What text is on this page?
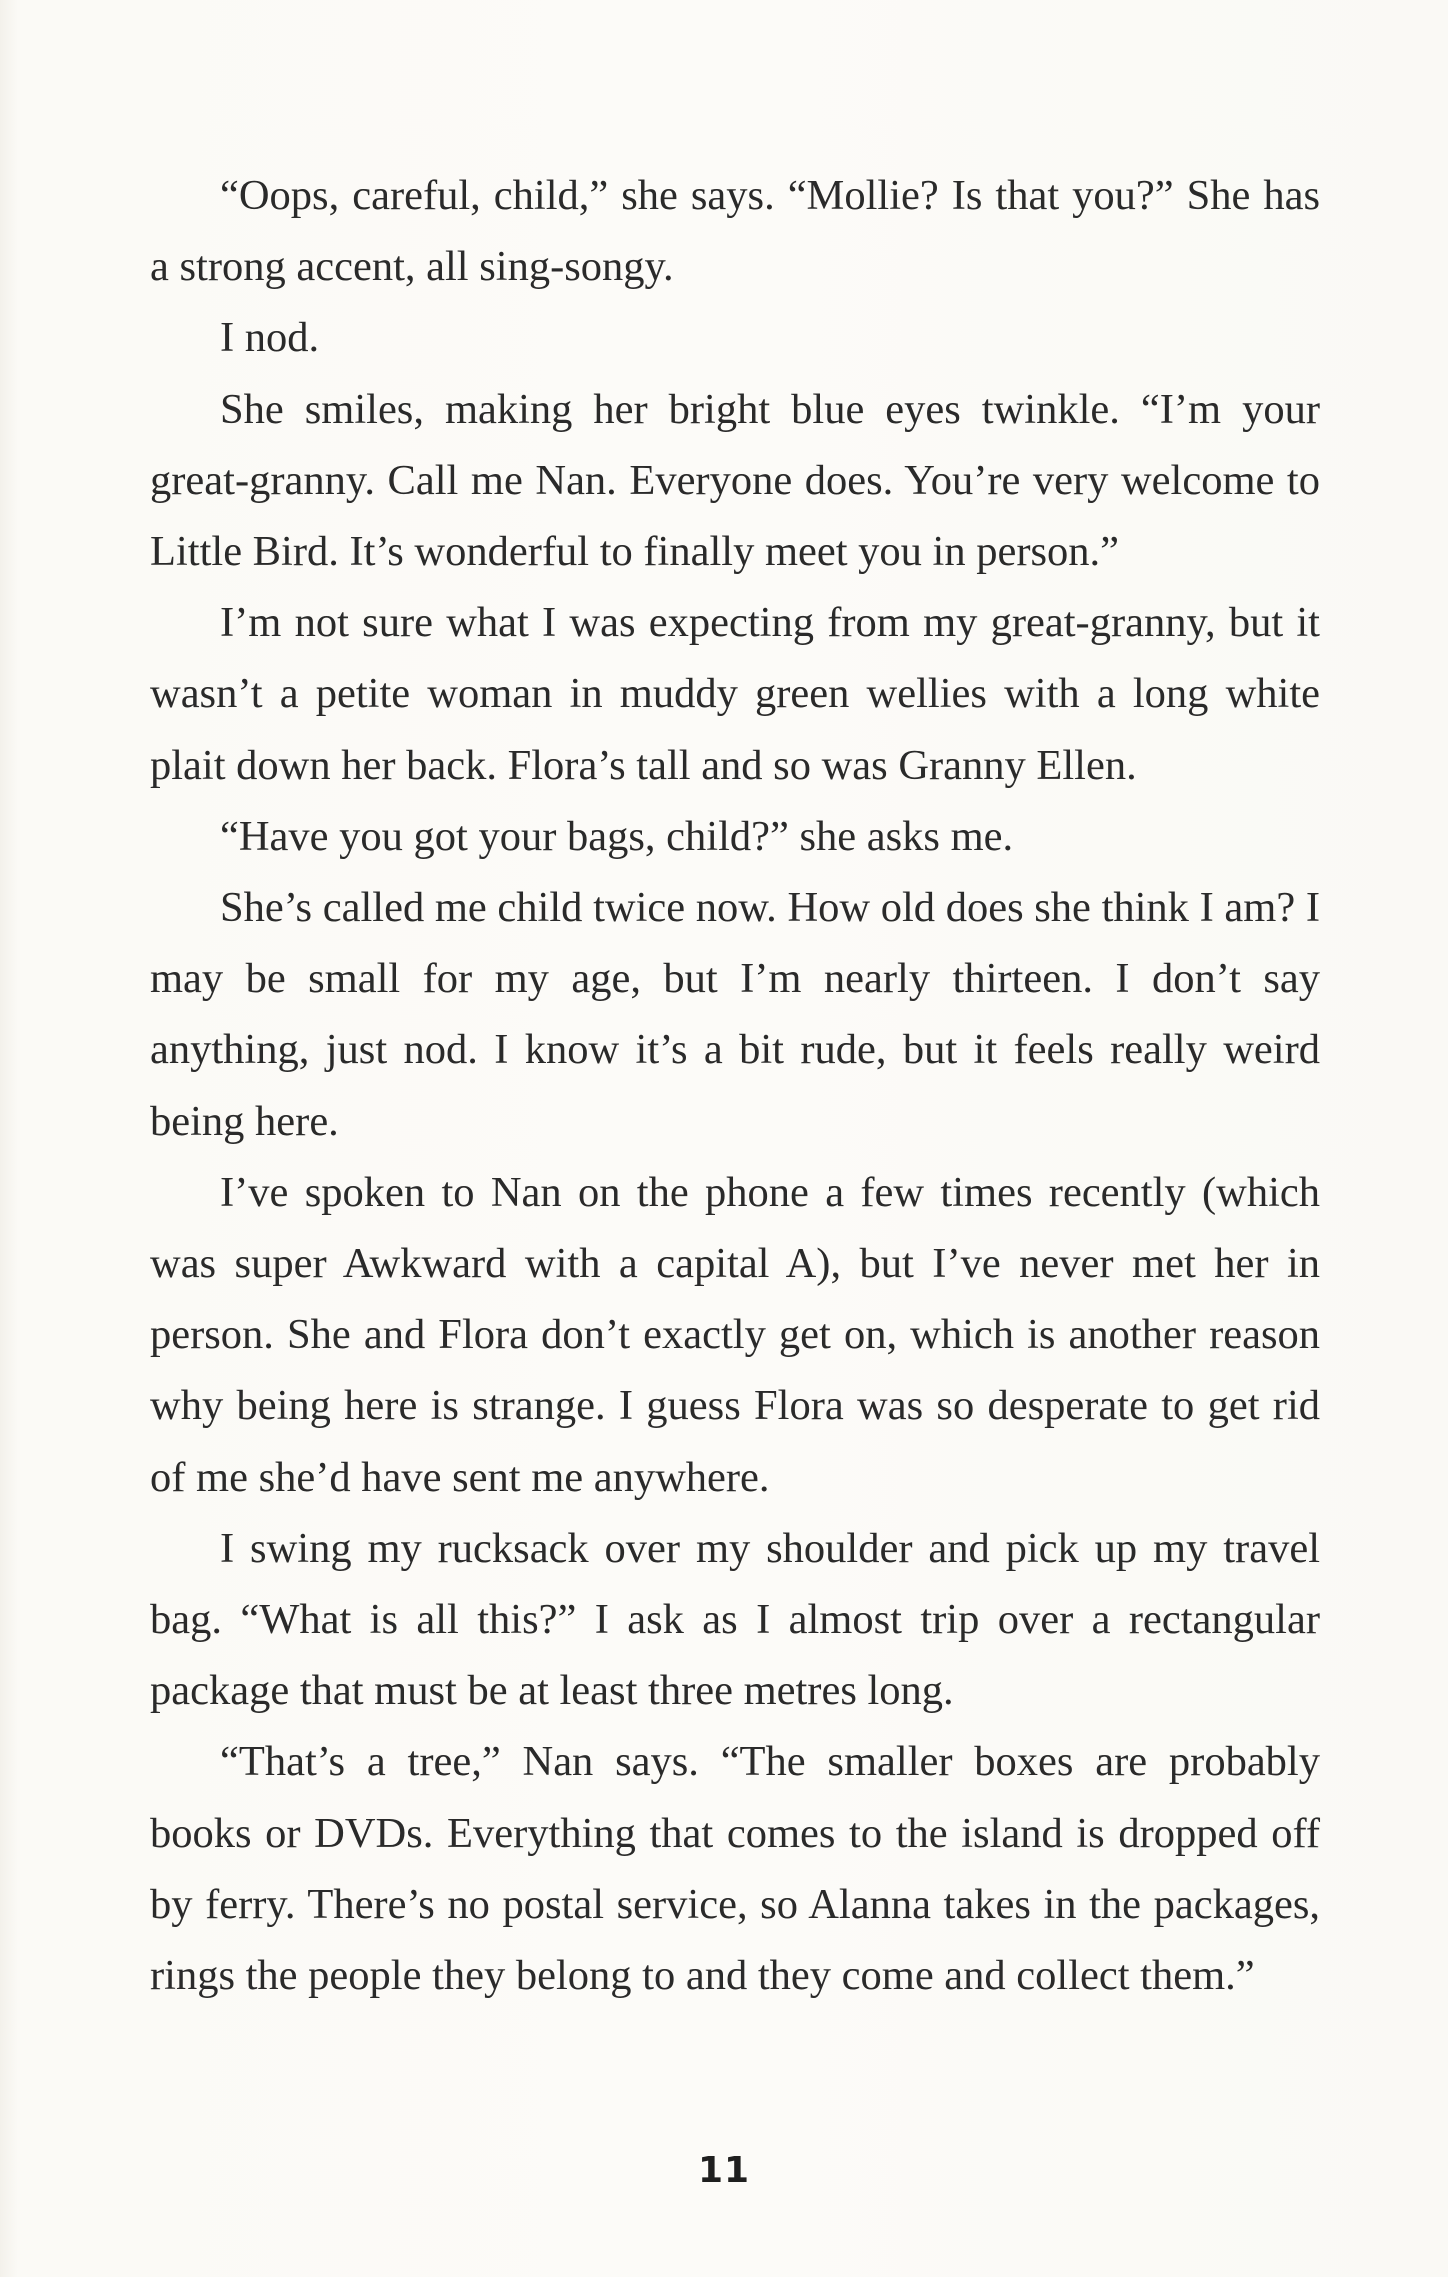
“Oops, careful, child,” she says. “Mollie? Is that you?” She has a strong accent, all sing-songy.

I nod.

She smiles, making her bright blue eyes twinkle. “I’m your great-granny. Call me Nan. Everyone does. You’re very welcome to Little Bird. It’s wonderful to finally meet you in person.”

I’m not sure what I was expecting from my great-granny, but it wasn’t a petite woman in muddy green wellies with a long white plait down her back. Flora’s tall and so was Granny Ellen.

“Have you got your bags, child?” she asks me.

She’s called me child twice now. How old does she think I am? I may be small for my age, but I’m nearly thirteen. I don’t say anything, just nod. I know it’s a bit rude, but it feels really weird being here.

I’ve spoken to Nan on the phone a few times recently (which was super Awkward with a capital A), but I’ve never met her in person. She and Flora don’t exactly get on, which is another reason why being here is strange. I guess Flora was so desperate to get rid of me she’d have sent me anywhere.

I swing my rucksack over my shoulder and pick up my travel bag. “What is all this?” I ask as I almost trip over a rectangular package that must be at least three metres long.

“That’s a tree,” Nan says. “The smaller boxes are probably books or DVDs. Everything that comes to the island is dropped off by ferry. There’s no postal service, so Alanna takes in the packages, rings the people they belong to and they come and collect them.”

11
